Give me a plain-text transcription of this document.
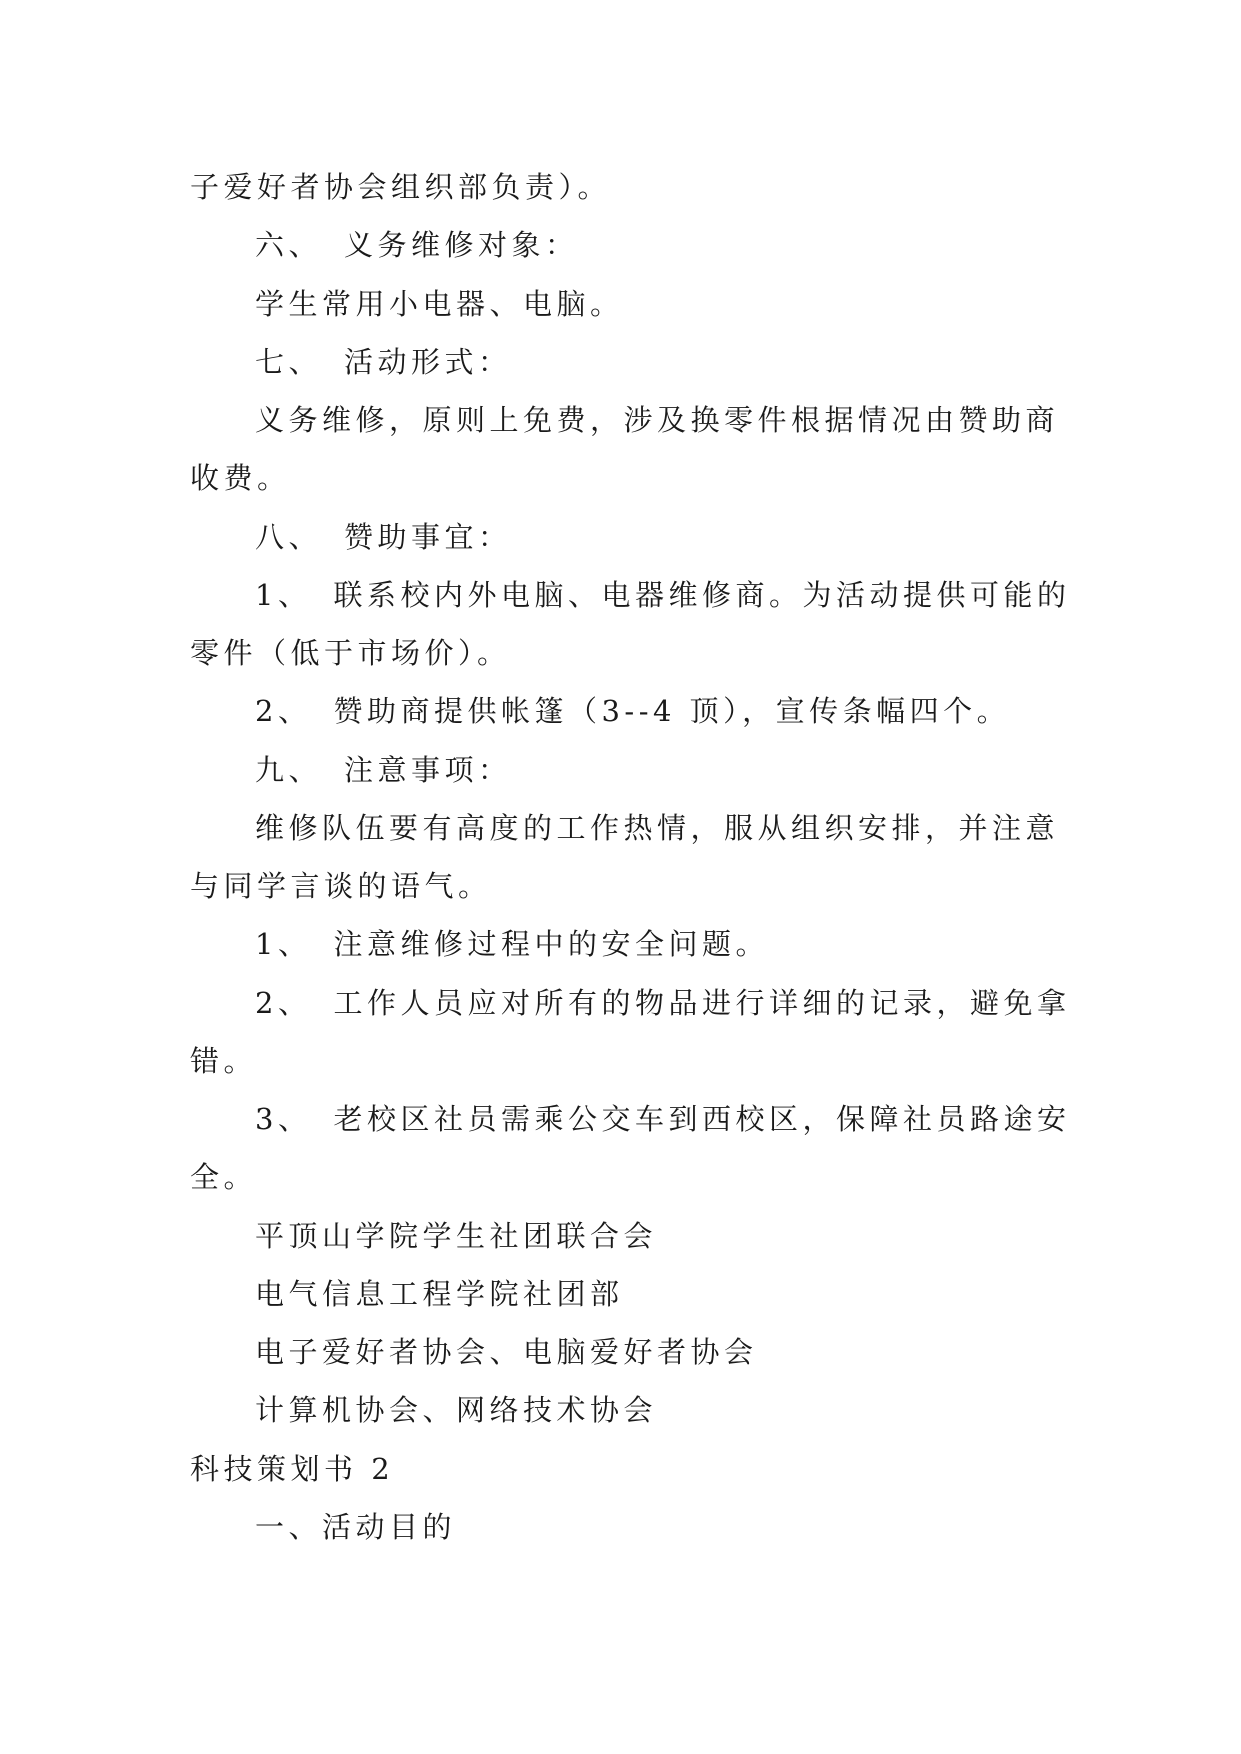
子爱好者协会组织部负责）。
六、 义务维修对象：
学生常用小电器、电脑。
七、 活动形式：
义务维修，原则上免费，涉及换零件根据情况由赞助商
收费。
八、 赞助事宜：
1、 联系校内外电脑、电器维修商。为活动提供可能的
零件（低于市场价）。
2、 赞助商提供帐篷（3--4 顶），宣传条幅四个。
九、 注意事项：
维修队伍要有高度的工作热情，服从组织安排，并注意
与同学言谈的语气。
1、 注意维修过程中的安全问题。
2、 工作人员应对所有的物品进行详细的记录，避免拿
错。
3、 老校区社员需乘公交车到西校区，保障社员路途安
全。
平顶山学院学生社团联合会
电气信息工程学院社团部
电子爱好者协会、电脑爱好者协会
计算机协会、网络技术协会
科技策划书 2
一、活动目的
